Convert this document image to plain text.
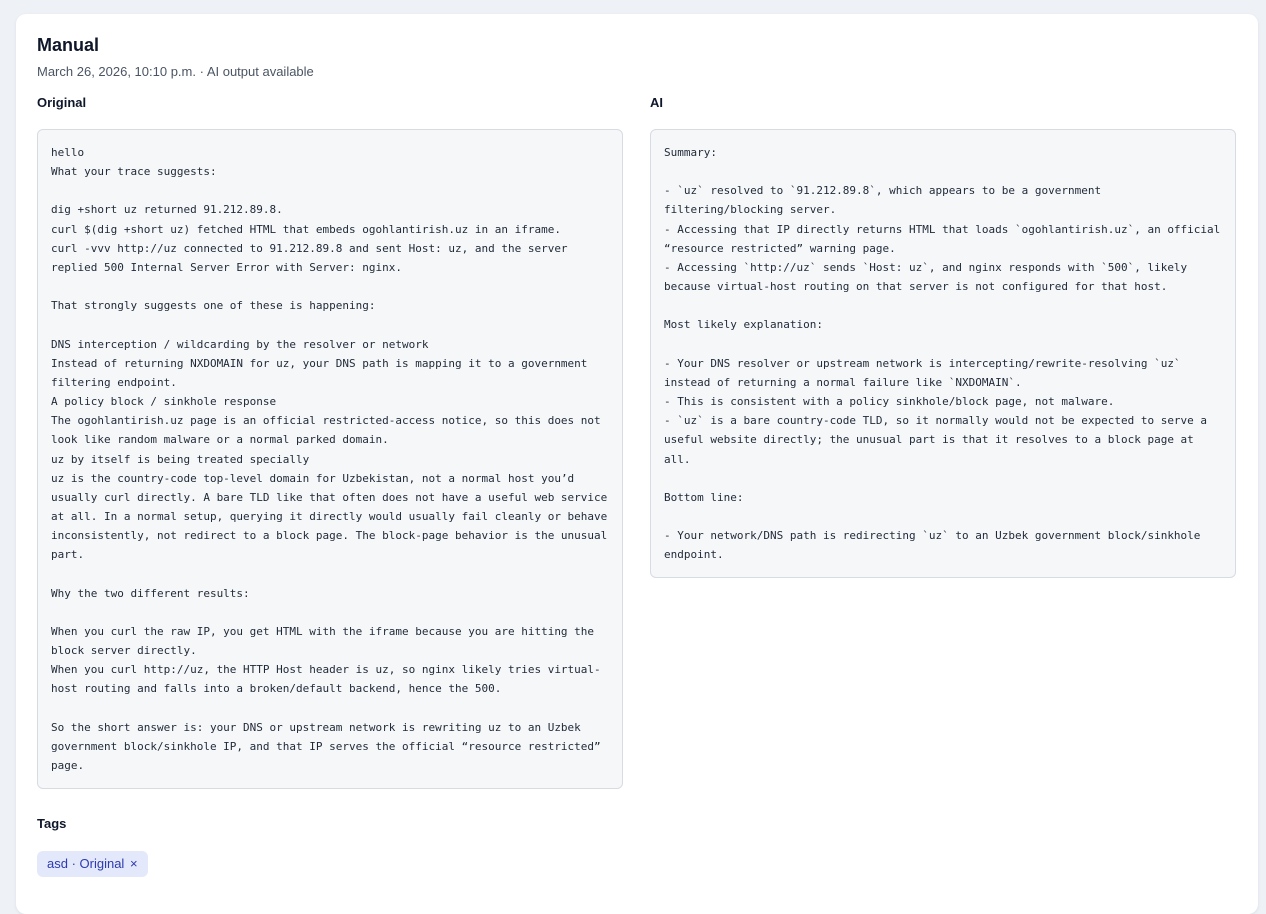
Manual
March 26, 2026, 10:10 p.m. · AI output available
Original
hello
What your trace suggests:

dig +short uz returned 91.212.89.8.
curl $(dig +short uz) fetched HTML that embeds ogohlantirish.uz in an iframe.
curl -vvv http://uz connected to 91.212.89.8 and sent Host: uz, and the server replied 500 Internal Server Error with Server: nginx.

That strongly suggests one of these is happening:

DNS interception / wildcarding by the resolver or network
Instead of returning NXDOMAIN for uz, your DNS path is mapping it to a government filtering endpoint.
A policy block / sinkhole response
The ogohlantirish.uz page is an official restricted-access notice, so this does not look like random malware or a normal parked domain.
uz by itself is being treated specially
uz is the country-code top-level domain for Uzbekistan, not a normal host you’d usually curl directly. A bare TLD like that often does not have a useful web service at all. In a normal setup, querying it directly would usually fail cleanly or behave inconsistently, not redirect to a block page. The block-page behavior is the unusual part.

Why the two different results:

When you curl the raw IP, you get HTML with the iframe because you are hitting the block server directly.
When you curl http://uz, the HTTP Host header is uz, so nginx likely tries virtual-host routing and falls into a broken/default backend, hence the 500.

So the short answer is: your DNS or upstream network is rewriting uz to an Uzbek government block/sinkhole IP, and that IP serves the official “resource restricted” page.
AI
Summary:

- `uz` resolved to `91.212.89.8`, which appears to be a government filtering/blocking server.
- Accessing that IP directly returns HTML that loads `ogohlantirish.uz`, an official “resource restricted” warning page.
- Accessing `http://uz` sends `Host: uz`, and nginx responds with `500`, likely because virtual-host routing on that server is not configured for that host.

Most likely explanation:

- Your DNS resolver or upstream network is intercepting/rewrite-resolving `uz` instead of returning a normal failure like `NXDOMAIN`.
- This is consistent with a policy sinkhole/block page, not malware.
- `uz` is a bare country-code TLD, so it normally would not be expected to serve a useful website directly; the unusual part is that it resolves to a block page at all.

Bottom line:

- Your network/DNS path is redirecting `uz` to an Uzbek government block/sinkhole endpoint.
Tags
asd · Original ×
